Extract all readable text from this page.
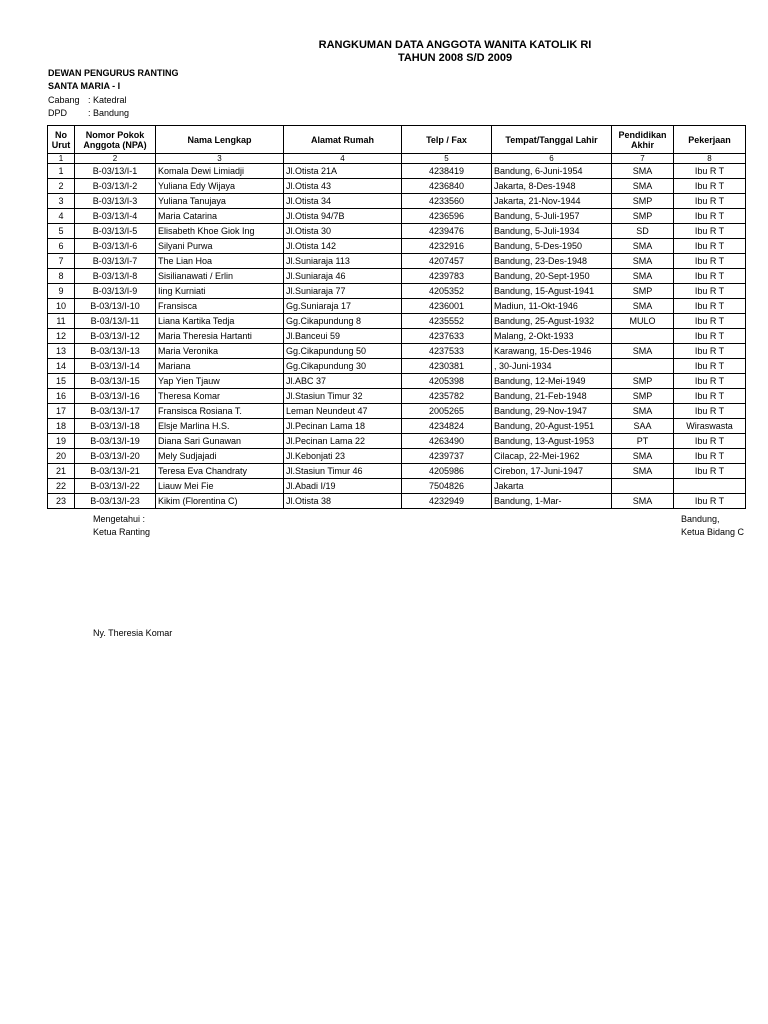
RANGKUMAN DATA ANGGOTA WANITA KATOLIK RI
TAHUN 2008 S/D 2009
DEWAN PENGURUS RANTING
SANTA MARIA - I
Cabang : Katedral
DPD : Bandung
No Urut	Nomor Pokok Anggota (NPA)	Nama Lengkap	Alamat Rumah	Telp / Fax	Tempat/Tanggal Lahir	Pendidikan Akhir	Pekerjaan
1	2	3	4	5	6	7	8
1	B-03/13/I-1	Komala Dewi Limiadji	Jl.Otista 21A	4238419	Bandung, 6-Juni-1954	SMA	Ibu R T
2	B-03/13/I-2	Yuliana Edy Wijaya	Jl.Otista 43	4236840	Jakarta, 8-Des-1948	SMA	Ibu R T
3	B-03/13/I-3	Yuliana Tanujaya	Jl.Otista 34	4233560	Jakarta, 21-Nov-1944	SMP	Ibu R T
4	B-03/13/I-4	Maria Catarina	Jl.Otista 94/7B	4236596	Bandung, 5-Juli-1957	SMP	Ibu R T
5	B-03/13/I-5	Elisabeth Khoe Giok Ing	Jl.Otista 30	4239476	Bandung, 5-Juli-1934	SD	Ibu R T
6	B-03/13/I-6	Silyani Purwa	Jl.Otista 142	4232916	Bandung, 5-Des-1950	SMA	Ibu R T
7	B-03/13/I-7	The Lian Hoa	Jl.Suniaraja 113	4207457	Bandung, 23-Des-1948	SMA	Ibu R T
8	B-03/13/I-8	Sisilianawati / Erlin	Jl.Suniaraja 46	4239783	Bandung, 20-Sept-1950	SMA	Ibu R T
9	B-03/13/I-9	Iing Kurniati	Jl.Suniaraja 77	4205352	Bandung, 15-Agust-1941	SMP	Ibu R T
10	B-03/13/I-10	Fransisca	Gg.Suniaraja 17	4236001	Madiun, 11-Okt-1946	SMA	Ibu R T
11	B-03/13/I-11	Liana Kartika Tedja	Gg.Cikapundung 8	4235552	Bandung, 25-Agust-1932	MULO	Ibu R T
12	B-03/13/I-12	Maria Theresia Hartanti	Jl.Banceui 59	4237633	Malang, 2-Okt-1933		Ibu R T
13	B-03/13/I-13	Maria Veronika	Gg.Cikapundung 50	4237533	Karawang, 15-Des-1946	SMA	Ibu R T
14	B-03/13/I-14	Mariana	Gg.Cikapundung 30	4230381	, 30-Juni-1934		Ibu R T
15	B-03/13/I-15	Yap Yien Tjauw	Jl.ABC 37	4205398	Bandung, 12-Mei-1949	SMP	Ibu R T
16	B-03/13/I-16	Theresa Komar	Jl.Stasiun Timur 32	4235782	Bandung, 21-Feb-1948	SMP	Ibu R T
17	B-03/13/I-17	Fransisca Rosiana T.	Leman Neundeut 47	2005265	Bandung, 29-Nov-1947	SMA	Ibu R T
18	B-03/13/I-18	Elsje Marlina H.S.	Jl.Pecinan Lama 18	4234824	Bandung, 20-Agust-1951	SAA	Wiraswasta
19	B-03/13/I-19	Diana Sari Gunawan	Jl.Pecinan Lama 22	4263490	Bandung, 13-Agust-1953	PT	Ibu R T
20	B-03/13/I-20	Mely Sudjajadi	Jl.Kebonjati 23	4239737	Cilacap, 22-Mei-1962	SMA	Ibu R T
21	B-03/13/I-21	Teresa Eva Chandraty	Jl.Stasiun Timur 46	4205986	Cirebon, 17-Juni-1947	SMA	Ibu R T
22	B-03/13/I-22	Liauw Mei Fie	Jl.Abadi I/19	7504826	Jakarta		
23	B-03/13/I-23	Kikim (Florentina C)	Jl.Otista 38	4232949	Bandung, 1-Mar-	SMA	Ibu R T
Mengetahui :
Ketua Ranting
Bandung,
Ketua Bidang C
Ny. Theresia Komar
